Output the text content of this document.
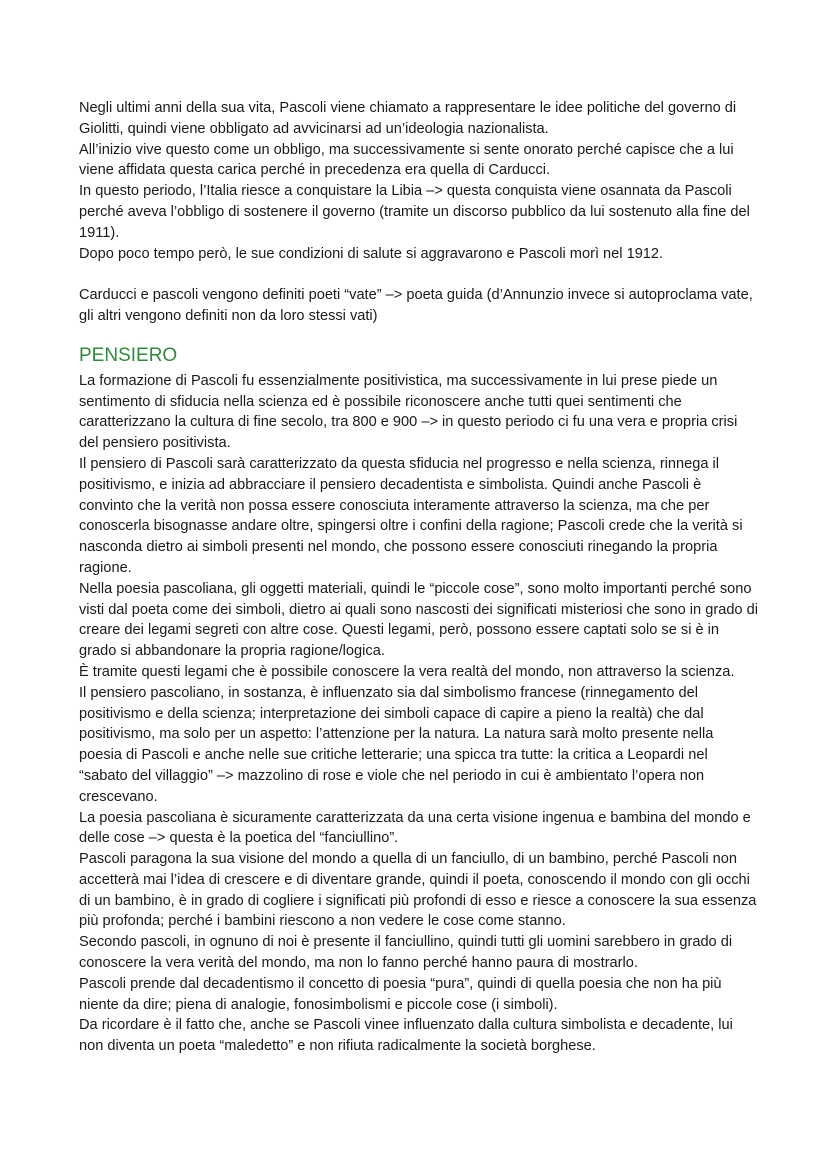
Negli ultimi anni della sua vita, Pascoli viene chiamato a rappresentare le idee politiche del governo di Giolitti, quindi viene obbligato ad avvicinarsi ad un’ideologia nazionalista.

All’inizio vive questo come un obbligo, ma successivamente si sente onorato perché capisce che a lui viene affidata questa carica perché in precedenza era quella di Carducci.

In questo periodo, l’Italia riesce a conquistare la Libia –> questa conquista viene osannata da Pascoli perché aveva l’obbligo di sostenere il governo (tramite un discorso pubblico da lui sostenuto alla fine del 1911).

Dopo poco tempo però, le sue condizioni di salute si aggravarono e Pascoli morì nel 1912.

Carducci e pascoli vengono definiti poeti “vate” –> poeta guida (d’Annunzio invece si autoproclama vate, gli altri vengono definiti non da loro stessi vati)

PENSIERO

La formazione di Pascoli fu essenzialmente positivistica, ma successivamente in lui prese piede un sentimento di sfiducia nella scienza ed è possibile riconoscere anche tutti quei sentimenti che caratterizzano la cultura di fine secolo, tra 800 e 900 –> in questo periodo ci fu una vera e propria crisi del pensiero positivista.

Il pensiero di Pascoli sarà caratterizzato da questa sfiducia nel progresso e nella scienza, rinnega il positivismo, e inizia ad abbracciare il pensiero decadentista e simbolista. Quindi anche Pascoli è convinto che la verità non possa essere conosciuta interamente attraverso la scienza, ma che per conoscerla bisognasse andare oltre, spingersi oltre i confini della ragione; Pascoli crede che la verità si nasconda dietro ai simboli presenti nel mondo, che possono essere conosciuti rinegando la propria ragione.

Nella poesia pascoliana, gli oggetti materiali, quindi le “piccole cose”, sono molto importanti perché sono visti dal poeta come dei simboli, dietro ai quali sono nascosti dei significati misteriosi che sono in grado di creare dei legami segreti con altre cose. Questi legami, però, possono essere captati solo se si è in grado si abbandonare la propria ragione/logica.

È tramite questi legami che è possibile conoscere la vera realtà del mondo, non attraverso la scienza.

Il pensiero pascoliano, in sostanza, è influenzato sia dal simbolismo francese (rinnegamento del positivismo e della scienza; interpretazione dei simboli capace di capire a pieno la realtà) che dal positivismo, ma solo per un aspetto: l’attenzione per la natura. La natura sarà molto presente nella poesia di Pascoli e anche nelle sue critiche letterarie; una spicca tra tutte: la critica a Leopardi nel “sabato del villaggio” –> mazzolino di rose e viole che nel periodo in cui è ambientato l’opera non crescevano.

La poesia pascoliana è sicuramente caratterizzata da una certa visione ingenua e bambina del mondo e delle cose –> questa è la poetica del “fanciullino”.

Pascoli paragona la sua visione del mondo a quella di un fanciullo, di un bambino, perché Pascoli non accetterà mai l’idea di crescere e di diventare grande, quindi il poeta, conoscendo il mondo con gli occhi di un bambino, è in grado di cogliere i significati più profondi di esso e riesce a conoscere la sua essenza più profonda; perché i bambini riescono a non vedere le cose come stanno.

Secondo pascoli, in ognuno di noi è presente il fanciullino, quindi tutti gli uomini sarebbero in grado di conoscere la vera verità del mondo, ma non lo fanno perché hanno paura di mostrarlo.

Pascoli prende dal decadentismo il concetto di poesia “pura”, quindi di quella poesia che non ha più niente da dire; piena di analogie, fonosimbolismi e piccole cose (i simboli).

Da ricordare è il fatto che, anche se Pascoli vinee influenzato dalla cultura simbolista e decadente, lui non diventa un poeta “maledetto” e non rifiuta radicalmente la società borghese.
